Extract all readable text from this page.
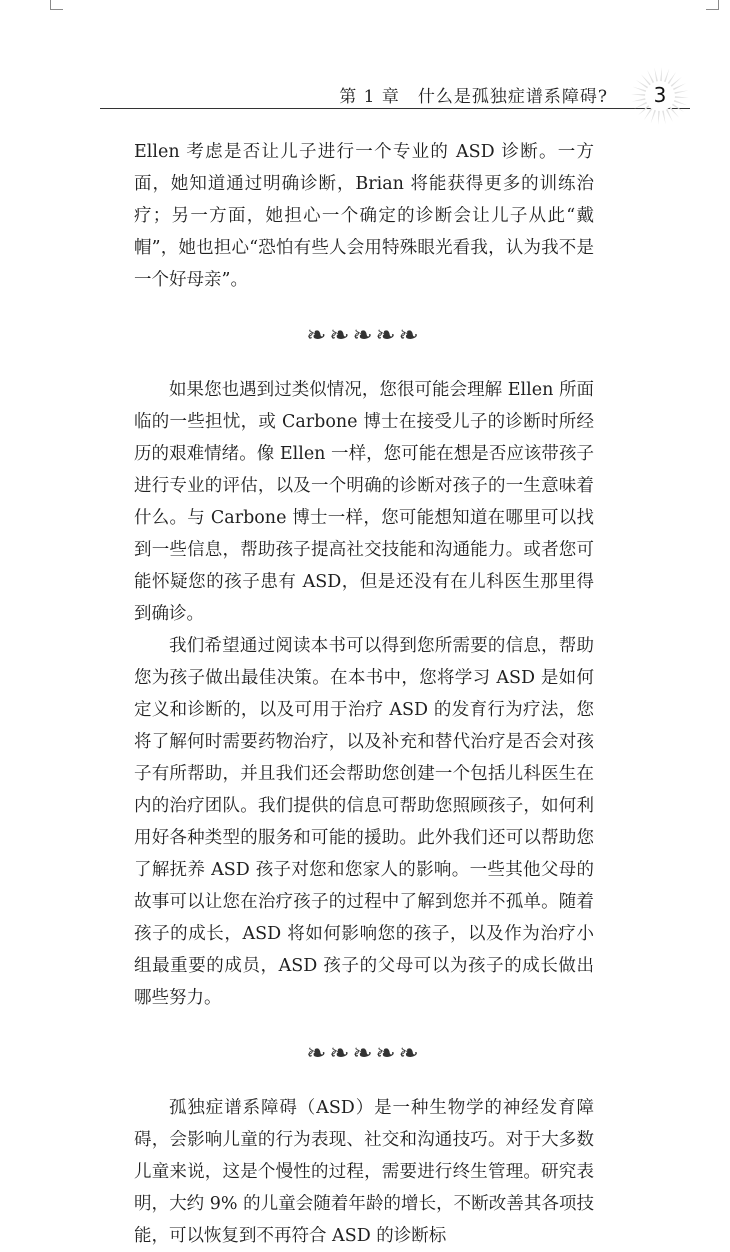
第 1 章　什么是孤独症谱系障碍?	3

Ellen 考虑是否让儿子进行一个专业的 ASD 诊断。一方面，她知道通过明确诊断，Brian 将能获得更多的训练治疗；另一方面，她担心一个确定的诊断会让儿子从此“戴帽”，她也担心“恐怕有些人会用特殊眼光看我，认为我不是一个好母亲”。

❧ ❧ ❧ ❧ ❧

如果您也遇到过类似情况，您很可能会理解 Ellen 所面临的一些担忧，或 Carbone 博士在接受儿子的诊断时所经历的艰难情绪。像 Ellen 一样，您可能在想是否应该带孩子进行专业的评估，以及一个明确的诊断对孩子的一生意味着什么。与 Carbone 博士一样，您可能想知道在哪里可以找到一些信息，帮助孩子提高社交技能和沟通能力。或者您可能怀疑您的孩子患有 ASD，但是还没有在儿科医生那里得到确诊。

我们希望通过阅读本书可以得到您所需要的信息，帮助您为孩子做出最佳决策。在本书中，您将学习 ASD 是如何定义和诊断的，以及可用于治疗 ASD 的发育行为疗法，您将了解何时需要药物治疗，以及补充和替代治疗是否会对孩子有所帮助，并且我们还会帮助您创建一个包括儿科医生在内的治疗团队。我们提供的信息可帮助您照顾孩子，如何利用好各种类型的服务和可能的援助。此外我们还可以帮助您了解抚养 ASD 孩子对您和您家人的影响。一些其他父母的故事可以让您在治疗孩子的过程中了解到您并不孤单。随着孩子的成长，ASD 将如何影响您的孩子，以及作为治疗小组最重要的成员，ASD 孩子的父母可以为孩子的成长做出哪些努力。

❧ ❧ ❧ ❧ ❧

孤独症谱系障碍（ASD）是一种生物学的神经发育障碍，会影响儿童的行为表现、社交和沟通技巧。对于大多数儿童来说，这是个慢性的过程，需要进行终生管理。研究表明，大约 9% 的儿童会随着年龄的增长，不断改善其各项技能，可以恢复到不再符合 ASD 的诊断标
